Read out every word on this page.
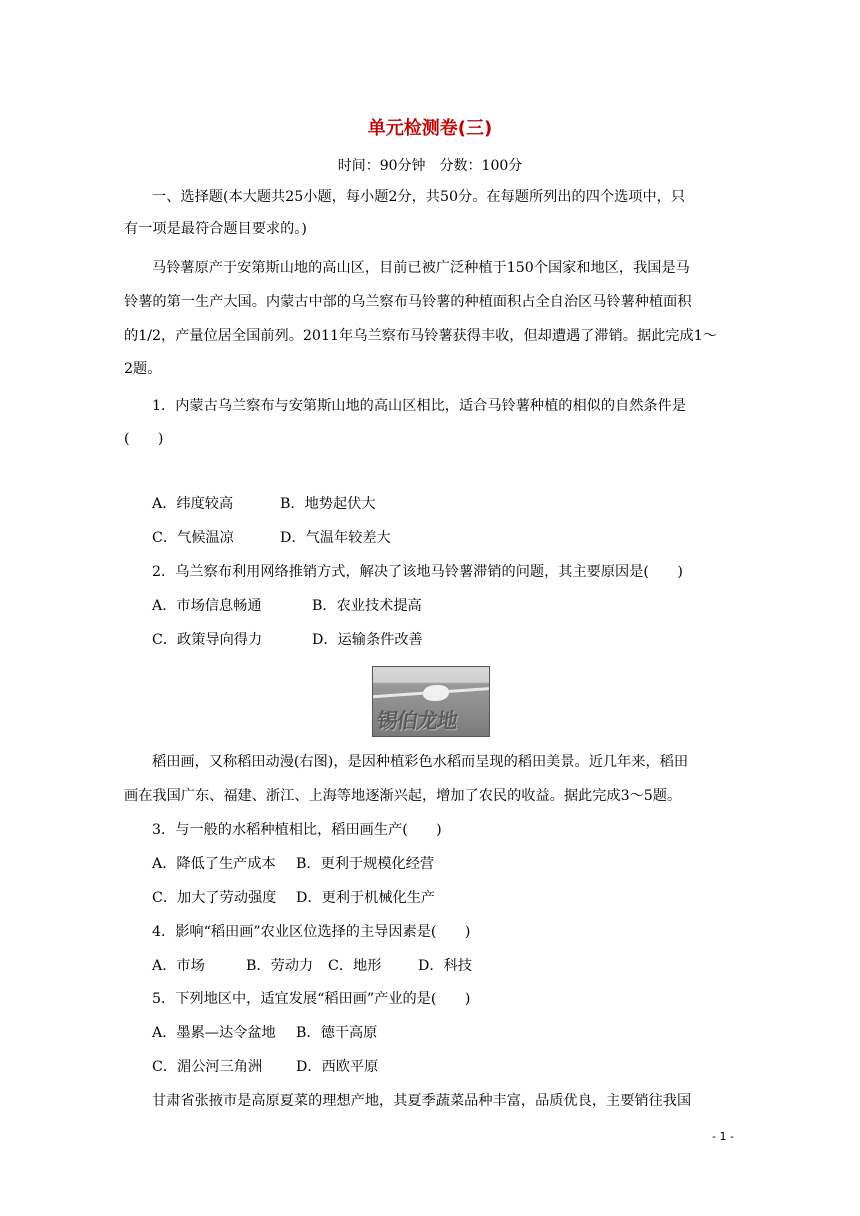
单元检测卷(三)
时间：90分钟　分数：100分
一、选择题(本大题共25小题，每小题2分，共50分。在每题所列出的四个选项中，只
有一项是最符合题目要求的。)
马铃薯原产于安第斯山地的高山区，目前已被广泛种植于150个国家和地区，我国是马
铃薯的第一生产大国。内蒙古中部的乌兰察布马铃薯的种植面积占全自治区马铃薯种植面积
的1/2，产量位居全国前列。2011年乌兰察布马铃薯获得丰收，但却遭遇了滞销。据此完成1～
2题。
1．内蒙古乌兰察布与安第斯山地的高山区相比，适合马铃薯种植的相似的自然条件是
(　　)
A．纬度较高	B．地势起伏大
C．气候温凉	D．气温年较差大
2．乌兰察布利用网络推销方式，解决了该地马铃薯滞销的问题，其主要原因是(　　)
A．市场信息畅通	B．农业技术提高
C．政策导向得力	D．运输条件改善
锡伯龙地
稻田画，又称稻田动漫(右图)，是因种植彩色水稻而呈现的稻田美景。近几年来，稻田
画在我国广东、福建、浙江、上海等地逐渐兴起，增加了农民的收益。据此完成3～5题。
3．与一般的水稻种植相比，稻田画生产(　　)
A．降低了生产成本 B．更利于规模化经营
C．加大了劳动强度 D．更利于机械化生产
4．影响“稻田画”农业区位选择的主导因素是(　　)
A．市场	B．劳动力 C．地形	D．科技
5．下列地区中，适宜发展“稻田画”产业的是(　　)
A．墨累—达令盆地 B．德干高原
C．湄公河三角洲 D．西欧平原
甘肃省张掖市是高原夏菜的理想产地，其夏季蔬菜品种丰富，品质优良，主要销往我国
- 1 -
